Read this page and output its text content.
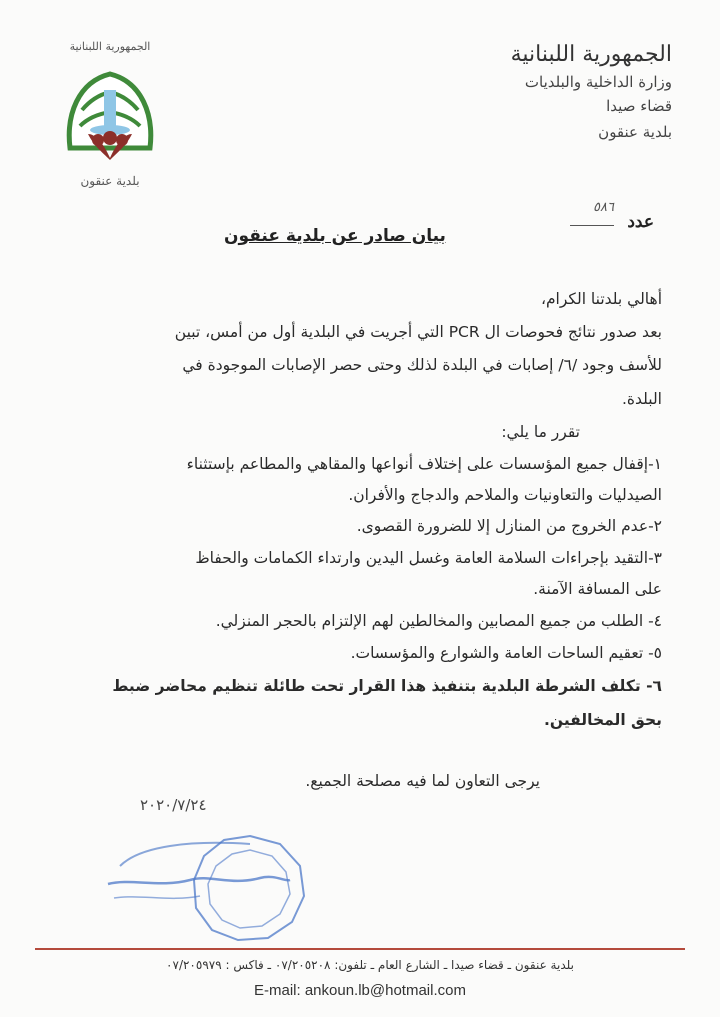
الجمهورية اللبنانية
وزارة الداخلية والبلديات
قضاء صيدا
بلدية عنقون
الجمهورية اللبنانية
بلدية عنقون
عدد
٥٨٦
بيان صادر عن بلدية عنقون
أهالي بلدتنا الكرام،
بعد صدور نتائج فحوصات ال PCR التي أجريت في البلدية أول من أمس، تبين
للأسف وجود /٦/ إصابات في البلدة لذلك وحتى حصر الإصابات الموجودة في
البلدة.
تقرر ما يلي:
١-إقفال جميع المؤسسات على إختلاف أنواعها والمقاهي والمطاعم بإستثناء
الصيدليات والتعاونيات والملاحم والدجاج والأفران.
٢-عدم الخروج من المنازل إلا للضرورة القصوى.
٣-التقيد بإجراءات السلامة العامة وغسل اليدين وارتداء الكمامات والحفاظ
على المسافة الآمنة.
٤- الطلب من جميع المصابين والمخالطين لهم الإلتزام بالحجر المنزلي.
٥- تعقيم الساحات العامة والشوارع والمؤسسات.
٦- تكلف الشرطة البلدية بتنفيذ هذا القرار تحت طائلة تنظيم محاضر ضبط
بحق المخالفين.
يرجى التعاون لما فيه مصلحة الجميع.
٢٠٢٠/٧/٢٤
بلدية عنقون ـ قضاء صيدا ـ الشارع العام ـ تلفون: ٠٧/٢٠٥٢٠٨ ـ فاكس : ٠٧/٢٠٥٩٧٩
E-mail: ankoun.lb@hotmail.com
